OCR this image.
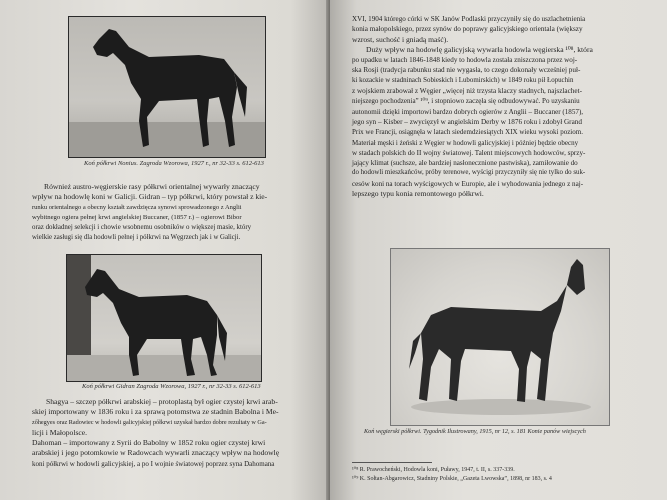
Koń półkrwi Nonius. Zagroda Wzorowa, 1927 r., nr 32-33 s. 612-613

Również austro-węgierskie rasy półkrwi orientalnej wywarły znaczący

wpływ na hodowlę koni w Galicji. Gidran – typ półkrwi, który powstał z kie-

runku orientalnego a obecny kształt zawdzięcza synowi sprowadzonego z Anglii

wybitnego ogiera pełnej krwi angielskiej Buccaner, (1857 r.) – ogierowi Bibor

oraz dokładnej selekcji i chowie wsobnemu osobników o większej masie, który

wielkie zasługi się dla hodowli pełnej i półkrwi na Węgrzech jak i w Galicji.

Koń półkrwi Gidran Zagroda Wzorowa, 1927 r., nr 32-33 s. 612-613

Shagya – szczep półkrwi arabskiej – protoplastą był ogier czystej krwi arab-

skiej importowany w 1836 roku i za sprawą potomstwa ze stadnin Babolna i Me-

zőhegyes oraz Radowiec w hodowli galicyjskiej półkrwi uzyskał bardzo dobre rezultaty w Ga-

licji i Małopolsce.

Dahoman – importowany z Syrii do Babolny w 1852 roku ogier czystej krwi

arabskiej i jego potomkowie w Radowcach wywarli znaczący wpływ na hodowlę

koni półkrwi w hodowli galicyjskiej, a po I wojnie światowej poprzez syna Dahomana

XVI, 1904 którego córki w SK Janów Podlaski przyczyniły się do uszlachetnienia

konia małopolskiego, przez synów do poprawy galicyjskiego orientala (większy

wzrost, suchość i gniadą maść).

Duży wpływ na hodowlę galicyjską wywarła hodowla węgierska ¹⁰⁸, która

po upadku w latach 1846-1848 kiedy to hodowla została zniszczona przez woj-

ska Rosji (tradycja rabunku stad nie wygasła, to czego dokonały wcześniej puł-

ki kozackie w stadninach Sobieskich i Lubomirskich) w 1849 roku pił Łopuchin

z wojskiem zrabował z Węgier „więcej niż trzysta klaczy stadnych, najszlachet-

niejszego pochodzenia” ¹⁰⁹, i stopniowo zaczęła się odbudowywać. Po uzyskaniu

autonomii dzięki importowi bardzo dobrych ogierów z Anglii – Buccaner (1857),

jego syn – Kisber – zwycięzył w angielskim Derby w 1876 roku i zdobył Grand

Prix we Francji, osiągnęła w latach siedemdziesiątych XIX wieku wysoki poziom.

Materiał męski i żeński z Węgier w hodowli galicyjskiej i później będzie obecny

w stadach polskich do II wojny światowej. Talent miejscowych hodowców, sprzy-

jający klimat (suchsze, ale bardziej nasłonecznione pastwiska), zamiłowanie do

do hodowli mieszkańców, próby terenowe, wyścigi przyczyniły się nie tylko do suk-

cesów koni na torach wyścigowych w Europie, ale i wyhodowania jednego z naj-

lepszego typu konia remontowego półkrwi.

Koń węgierski półkrwi. Tygodnik Ilustrowany, 1915, nr 12, s. 181 Konie panów wiejscych
¹⁰⁸ R. Prawocheński, Hodowla koni, Puławy, 1947, t. II, s. 337-339.
¹⁰⁹ K. Sołtan-Abgarowicz, Stadniny Polskie, „Gazeta Lwowska”, 1898, nr 183, s. 4
